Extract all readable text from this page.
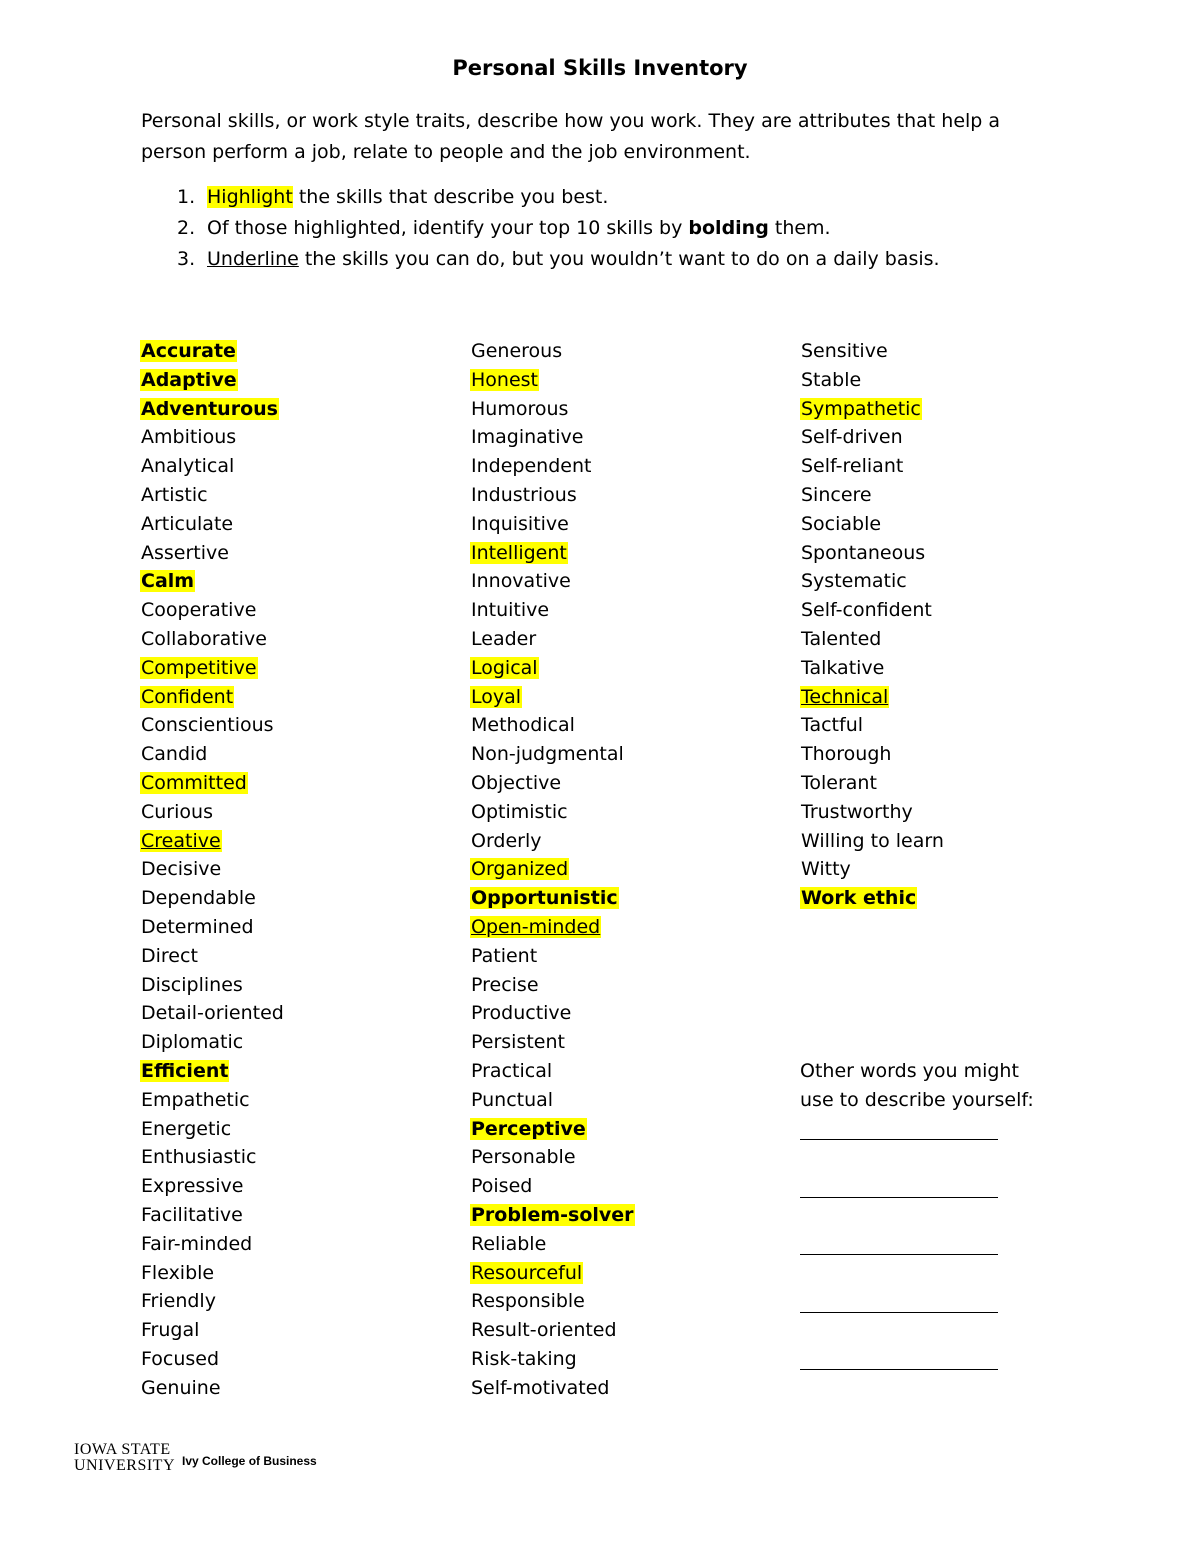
Personal Skills Inventory

Personal skills, or work style traits, describe how you work. They are attributes that help a person perform a job, relate to people and the job environment.

1. Highlight the skills that describe you best.
2. Of those highlighted, identify your top 10 skills by bolding them.
3. Underline the skills you can do, but you wouldn’t want to do on a daily basis.
Accurate
Adaptive
Adventurous
Ambitious
Analytical
Artistic
Articulate
Assertive
Calm
Cooperative
Collaborative
Competitive
Confident
Conscientious
Candid
Committed
Curious
Creative
Decisive
Dependable
Determined
Direct
Disciplines
Detail-oriented
Diplomatic
Efficient
Empathetic
Energetic
Enthusiastic
Expressive
Facilitative
Fair-minded
Flexible
Friendly
Frugal
Focused
Genuine
Generous
Honest
Humorous
Imaginative
Independent
Industrious
Inquisitive
Intelligent
Innovative
Intuitive
Leader
Logical
Loyal
Methodical
Non-judgmental
Objective
Optimistic
Orderly
Organized
Opportunistic
Open-minded
Patient
Precise
Productive
Persistent
Practical
Punctual
Perceptive
Personable
Poised
Problem-solver
Reliable
Resourceful
Responsible
Result-oriented
Risk-taking
Self-motivated
Sensitive
Stable
Sympathetic
Self-driven
Self-reliant
Sincere
Sociable
Spontaneous
Systematic
Self-confident
Talented
Talkative
Technical
Tactful
Thorough
Tolerant
Trustworthy
Willing to learn
Witty
Work ethic
Other words you might
use to describe yourself:
IOWA STATE
UNIVERSITY Ivy College of Business
